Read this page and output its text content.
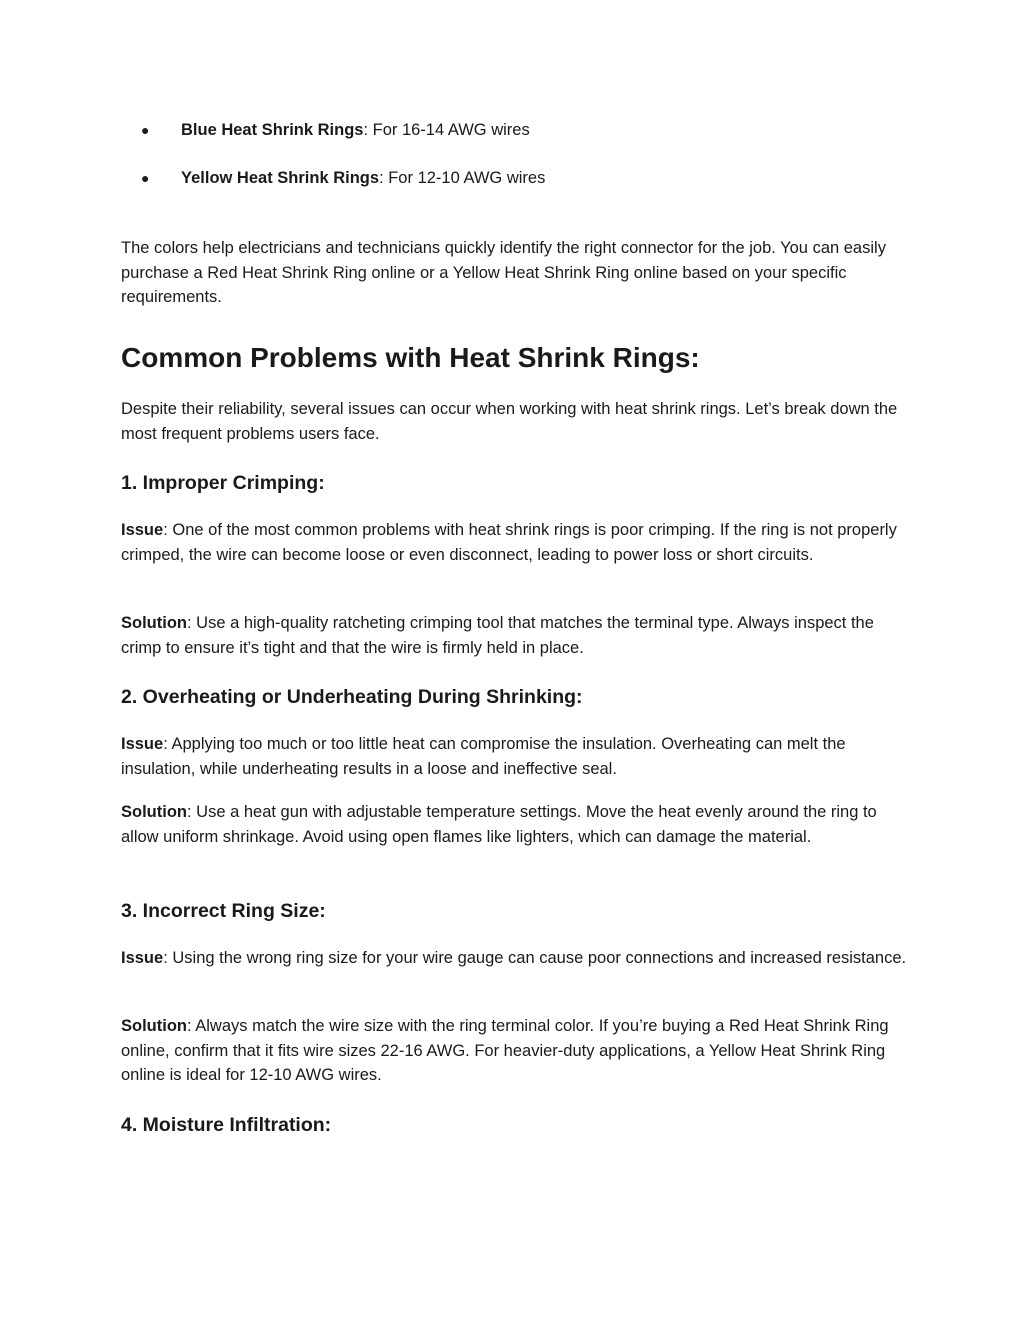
● Blue Heat Shrink Rings: For 16-14 AWG wires
● Yellow Heat Shrink Rings: For 12-10 AWG wires

The colors help electricians and technicians quickly identify the right connector for the job. You can easily purchase a Red Heat Shrink Ring online or a Yellow Heat Shrink Ring online based on your specific requirements.

Common Problems with Heat Shrink Rings:

Despite their reliability, several issues can occur when working with heat shrink rings. Let’s break down the most frequent problems users face.

1. Improper Crimping:

Issue: One of the most common problems with heat shrink rings is poor crimping. If the ring is not properly crimped, the wire can become loose or even disconnect, leading to power loss or short circuits.

Solution: Use a high-quality ratcheting crimping tool that matches the terminal type. Always inspect the crimp to ensure it’s tight and that the wire is firmly held in place.

2. Overheating or Underheating During Shrinking:

Issue: Applying too much or too little heat can compromise the insulation. Overheating can melt the insulation, while underheating results in a loose and ineffective seal.

Solution: Use a heat gun with adjustable temperature settings. Move the heat evenly around the ring to allow uniform shrinkage. Avoid using open flames like lighters, which can damage the material.

3. Incorrect Ring Size:

Issue: Using the wrong ring size for your wire gauge can cause poor connections and increased resistance.

Solution: Always match the wire size with the ring terminal color. If you’re buying a Red Heat Shrink Ring online, confirm that it fits wire sizes 22-16 AWG. For heavier-duty applications, a Yellow Heat Shrink Ring online is ideal for 12-10 AWG wires.

4. Moisture Infiltration:
